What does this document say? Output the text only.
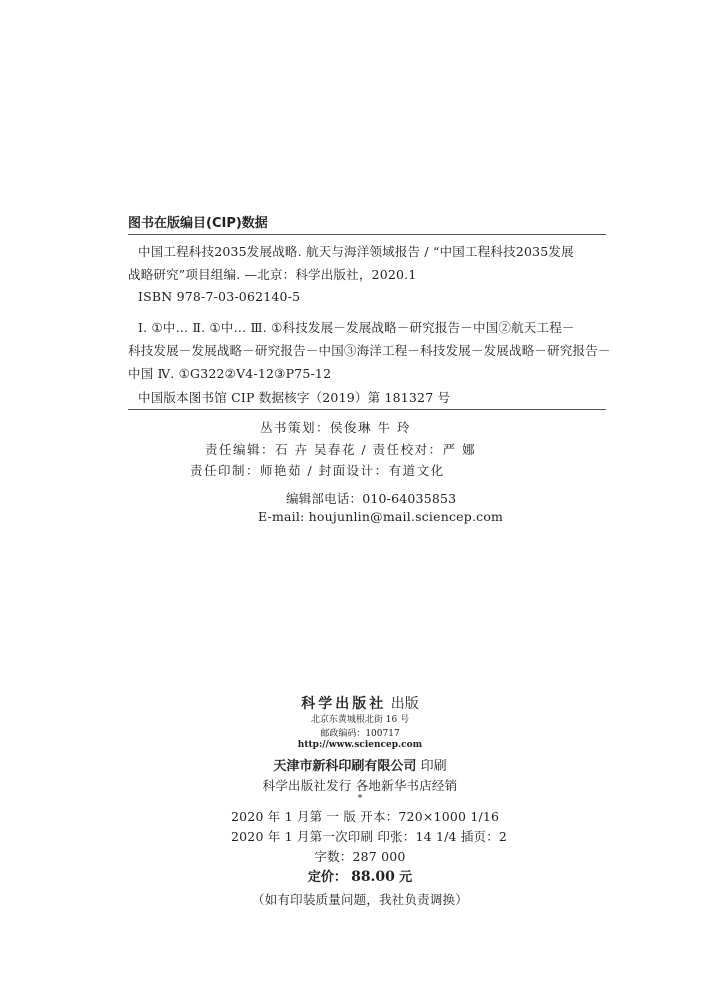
图书在版编目(CIP)数据
中国工程科技2035发展战略. 航天与海洋领域报告 / “中国工程科技2035发展
战略研究”项目组编. —北京：科学出版社，2020.1
ISBN 978-7-03-062140-5
Ⅰ. ①中… Ⅱ. ①中… Ⅲ. ①科技发展－发展战略－研究报告－中国②航天工程－
科技发展－发展战略－研究报告－中国③海洋工程－科技发展－发展战略－研究报告－
中国 Ⅳ. ①G322②V4-12③P75-12
中国版本图书馆 CIP 数据核字（2019）第 181327 号
丛书策划：侯俊琳 牛 玲
责任编辑：石 卉 吴春花 / 责任校对：严 娜
责任印制：师艳茹 / 封面设计：有道文化
编辑部电话：010-64035853
E-mail: houjunlin@mail.sciencep.com
科学出版社 出版
北京东黄城根北街 16 号
邮政编码：100717
http://www.sciencep.com
天津市新科印刷有限公司 印刷
科学出版社发行 各地新华书店经销
*
2020 年 1 月第 一 版 开本：720×1000 1/16
2020 年 1 月第一次印刷 印张：14 1/4 插页：2
字数：287 000
定价： 88.00 元
（如有印装质量问题，我社负责调换）
